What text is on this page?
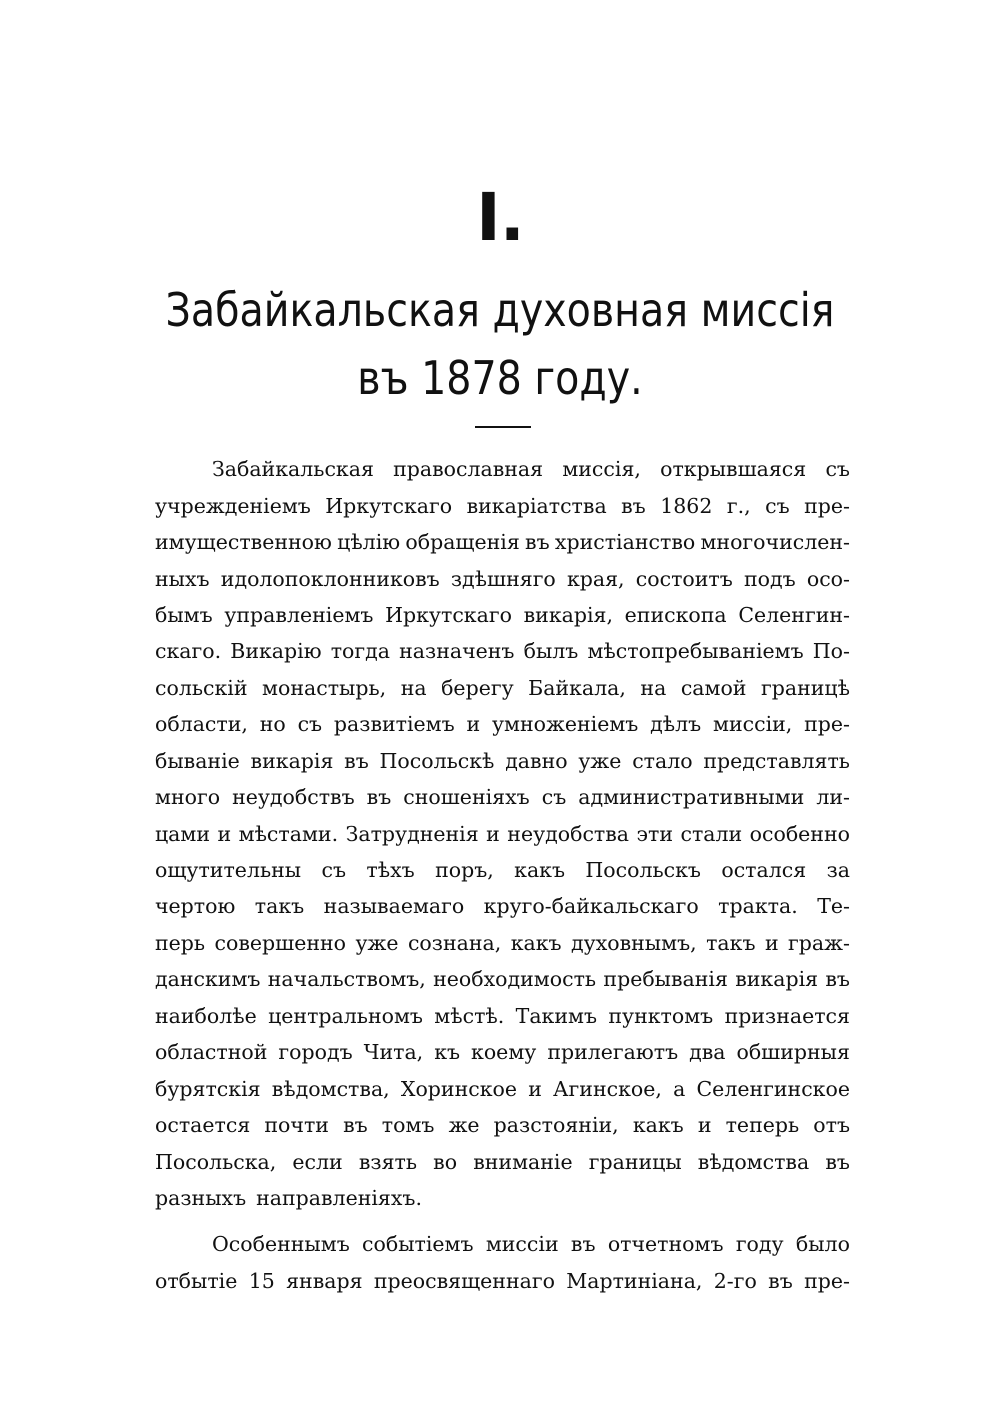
I.
Забайкальская духовная миссія
въ 1878 году.
Забайкальская православная миссія, открывшаяся съ
учрежденіемъ Иркутскаго викаріатства въ 1862 г., съ пре-
имущественною цѣлію обращенія въ христіанство многочислен-
ныхъ идолопоклонниковъ здѣшняго края, состоитъ подъ осо-
бымъ управленіемъ Иркутскаго викарія, епископа Селенгин-
скаго. Викарію тогда назначенъ былъ мѣстопребываніемъ По-
сольскій монастырь, на берегу Байкала, на самой границѣ
области, но съ развитіемъ и умноженіемъ дѣлъ миссіи, пре-
бываніе викарія въ Посольскѣ давно уже стало представлять
много неудобствъ въ сношеніяхъ съ административными ли-
цами и мѣстами. Затрудненія и неудобства эти стали особенно
ощутительны съ тѣхъ поръ, какъ Посольскъ остался за
чертою такъ называемаго круго-байкальскаго тракта. Те-
перь совершенно уже сознана, какъ духовнымъ, такъ и граж-
данскимъ начальствомъ, необходимость пребыванія викарія въ
наиболѣе центральномъ мѣстѣ. Такимъ пунктомъ признается
областной городъ Чита, къ коему прилегаютъ два обширныя
бурятскія вѣдомства, Хоринское и Агинское, а Селенгинское
остается почти въ томъ же разстояніи, какъ и теперь отъ
Посольска, если взять во вниманіе границы вѣдомства въ
разныхъ направленіяхъ.
Особеннымъ событіемъ миссіи въ отчетномъ году было
отбытіе 15 января преосвященнаго Мартиніана, 2-го въ пре-
